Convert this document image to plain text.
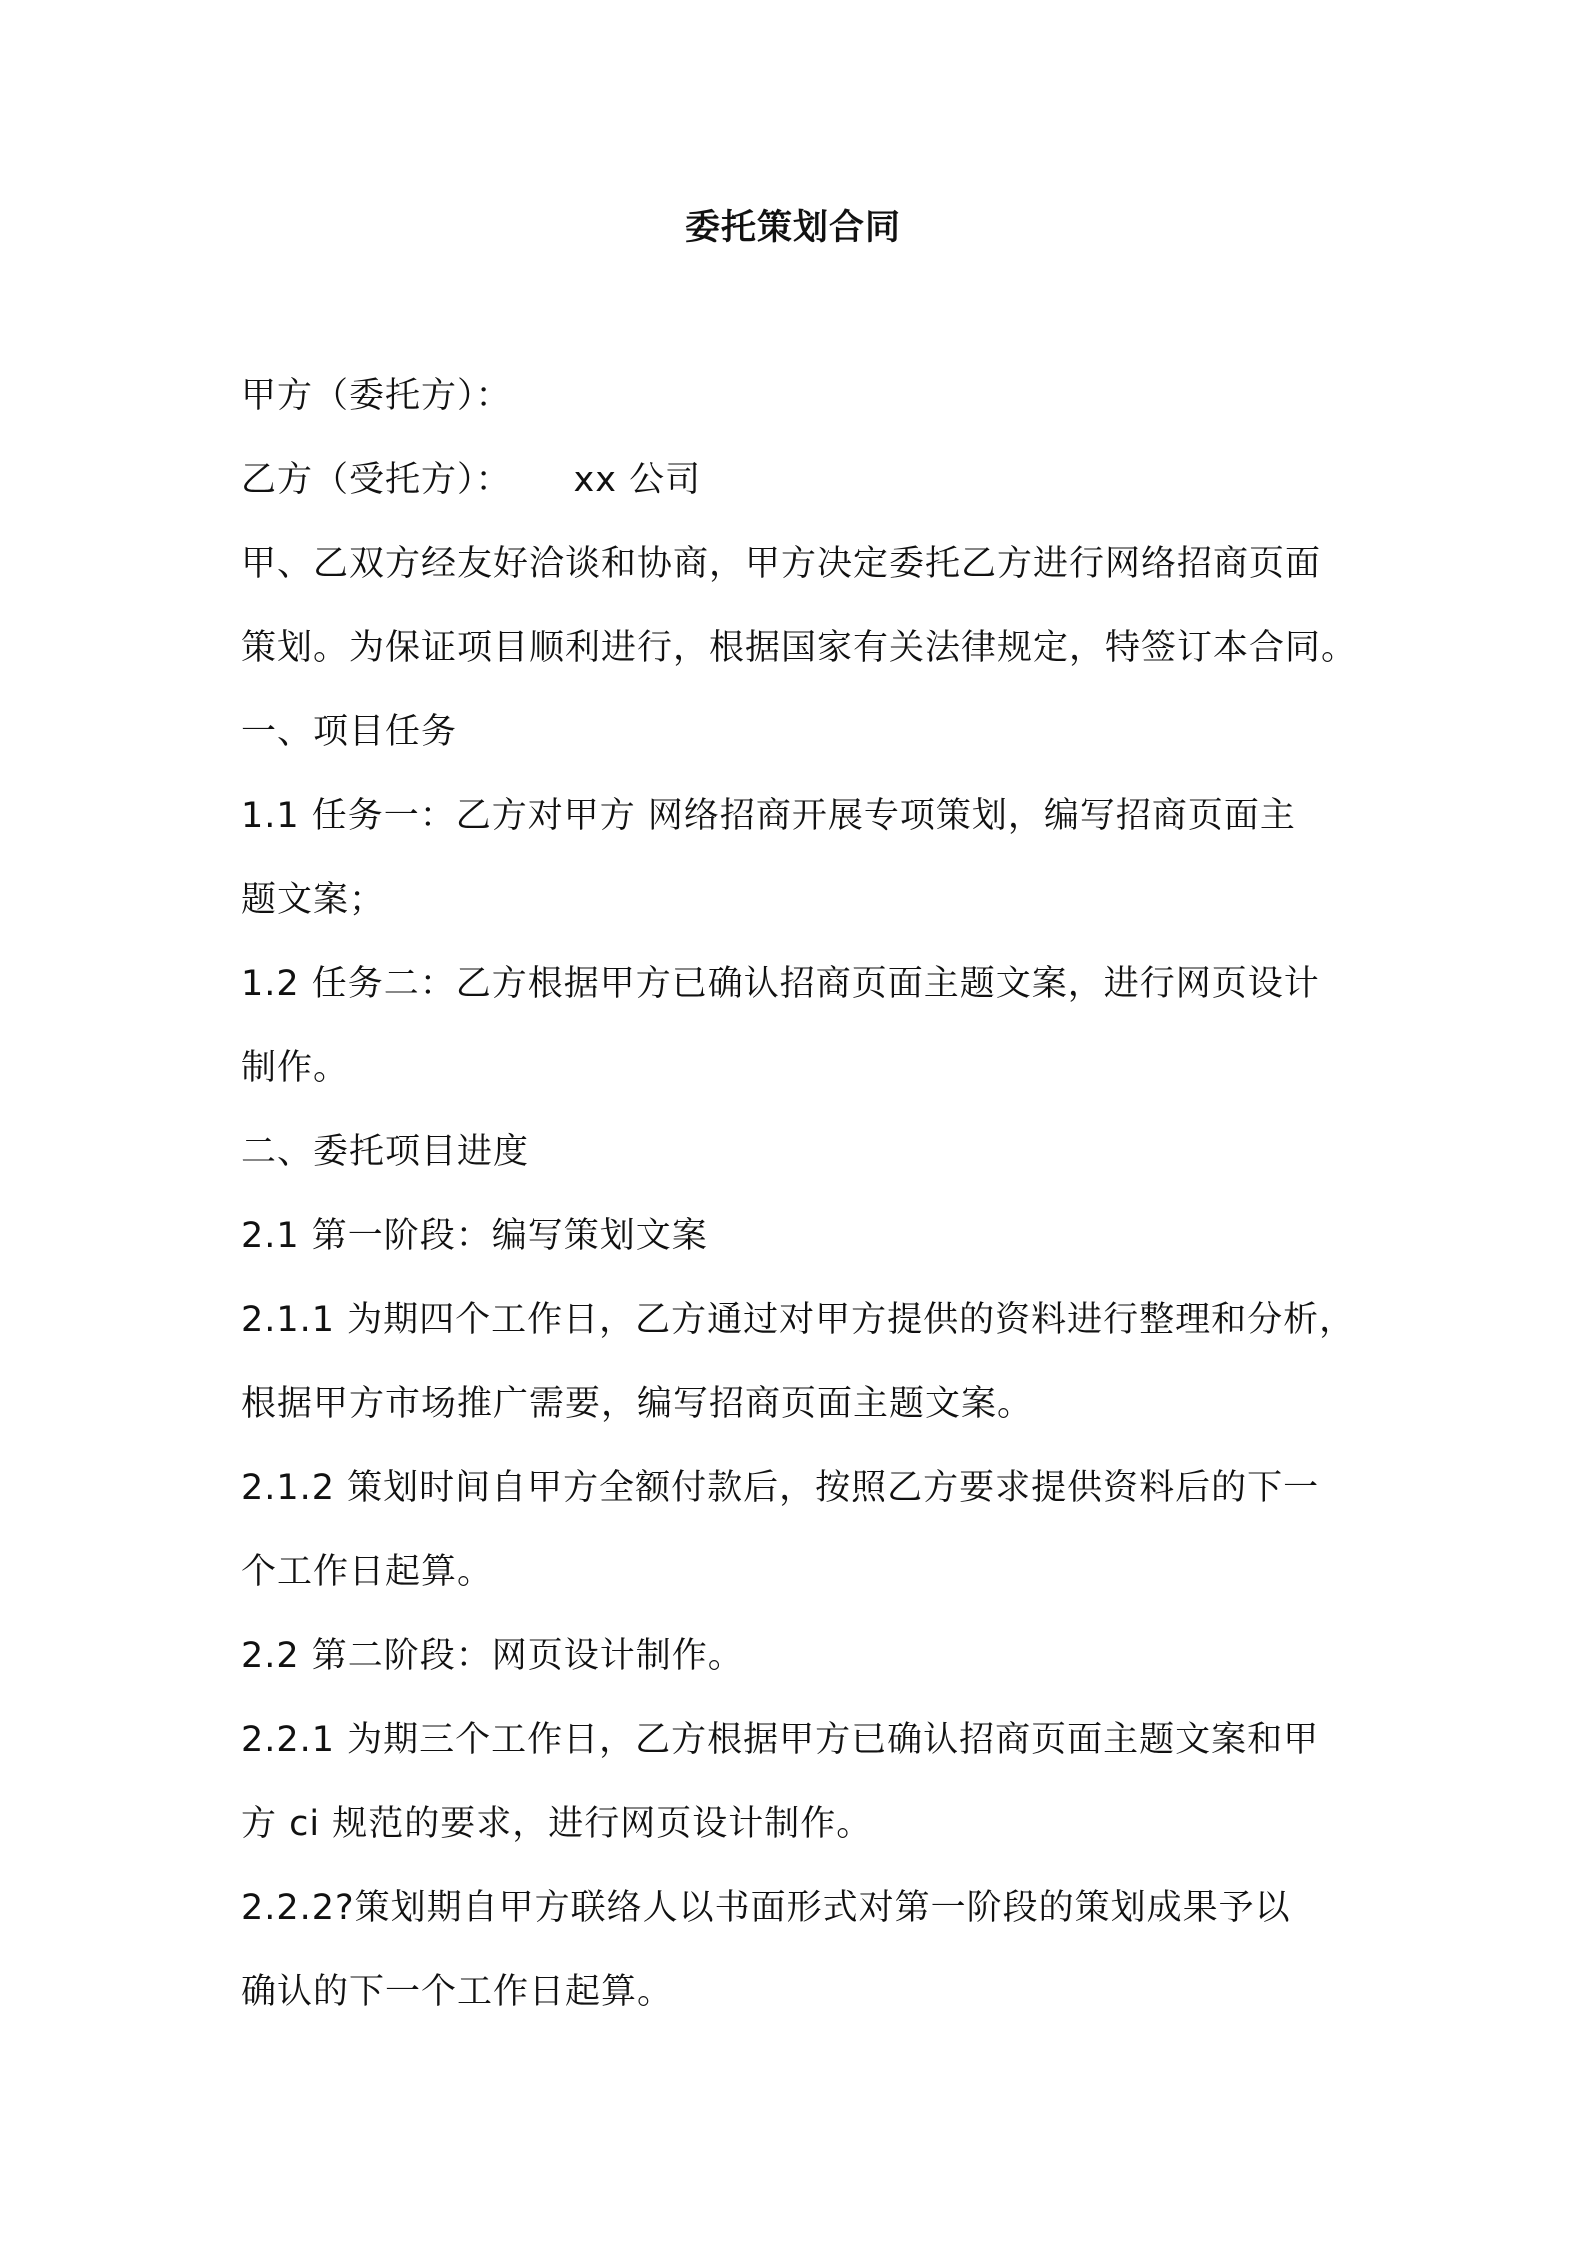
委托策划合同
甲方（委托方）：
乙方（受托方）： xx 公司
甲、乙双方经友好洽谈和协商，甲方决定委托乙方进行网络招商页面
策划。为保证项目顺利进行，根据国家有关法律规定，特签订本合同。
一、项目任务
1.1 任务一：乙方对甲方 网络招商开展专项策划，编写招商页面主
题文案；
1.2 任务二：乙方根据甲方已确认招商页面主题文案，进行网页设计
制作。
二、委托项目进度
2.1 第一阶段：编写策划文案
2.1.1 为期四个工作日，乙方通过对甲方提供的资料进行整理和分析，
根据甲方市场推广需要，编写招商页面主题文案。
2.1.2 策划时间自甲方全额付款后，按照乙方要求提供资料后的下一
个工作日起算。
2.2 第二阶段：网页设计制作。
2.2.1 为期三个工作日，乙方根据甲方已确认招商页面主题文案和甲
方 ci 规范的要求，进行网页设计制作。
2.2.2?策划期自甲方联络人以书面形式对第一阶段的策划成果予以
确认的下一个工作日起算。
